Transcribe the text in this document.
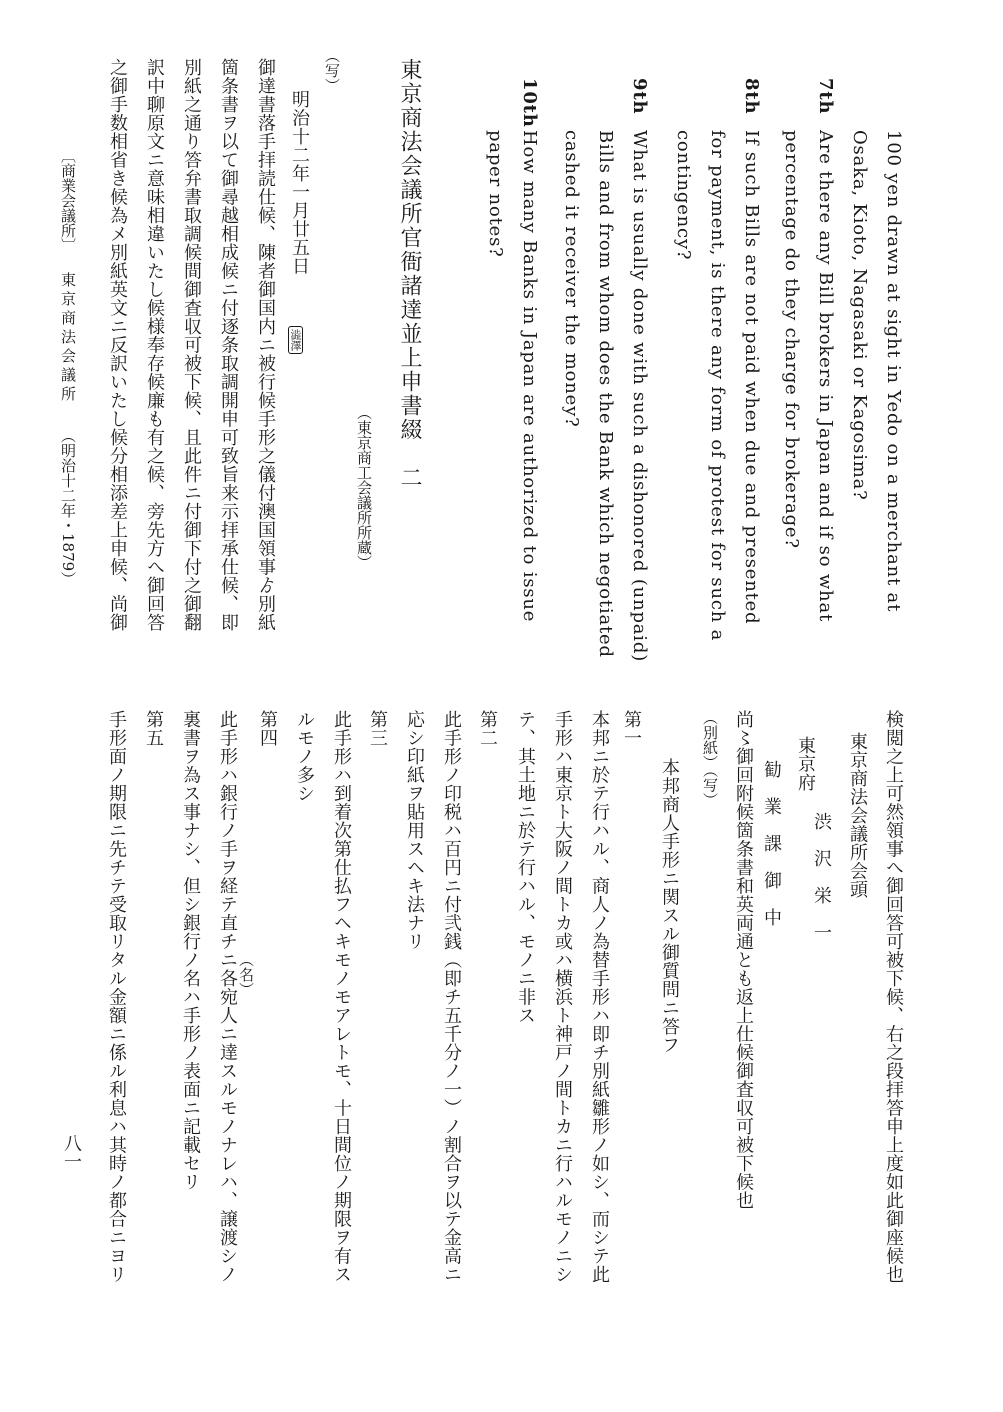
100 yen drawn at sight in Yedo on a merchant at
Osaka, Kioto, Nagasaki or Kagosima?
7th
Are there any Bill brokers in Japan and if so what
percentage do they charge for brokerage?
8th
If such Bills are not paid when due and presented
for payment, is there any form of protest for such a
contingency?
9th
What is usually done with such a dishonored (unpaid)
Bills and from whom does the Bank which negotiated
cashed it receiver the money?
10th
How many Banks in Japan are authorized to issue
paper notes?
東京商法会議所官衙諸達並上申書綴　二
（東京商工会議所所蔵）
（写）
明治十二年一月廿五日
澁澤
御達書落手拝読仕候、陳者御国内ニ被行候手形之儀付澳国領事ゟ別紙
箇条書ヲ以て御尋越相成候ニ付逐条取調開申可致旨来示拝承仕候、即
別紙之通り答弁書取調候間御査収可被下候、且此件ニ付御下付之御翻
訳中聊原文ニ意味相違いたし候様奉存候廉も有之候、旁先方へ御回答
之御手数相省き候為メ別紙英文ニ反訳いたし候分相添差上申候、尚御
〔商業会議所〕
東京商法会議所
（明治十二年・1879）
検閲之上可然領事へ御回答可被下候、右之段拝答申上度如此御座候也
東京商法会議所会頭
渋　沢　栄　一
東京府
勧　業　課　御　中
尚〻御回附候箇条書和英両通とも返上仕候御査収可被下候也
（別紙）（写）
本邦商人手形ニ関スル御質問ニ答フ
第一
本邦ニ於テ行ハル、商人ノ為替手形ハ即チ別紙雛形ノ如シ、而シテ此
手形ハ東京ト大阪ノ間トカ或ハ横浜ト神戸ノ間トカニ行ハルモノニシ
テ、其土地ニ於テ行ハル、モノニ非ス
第二
此手形ノ印税ハ百円ニ付弐銭（即チ五千分ノ一）ノ割合ヲ以テ金高ニ
応シ印紙ヲ貼用スヘキ法ナリ
第三
此手形ハ到着次第仕払フヘキモノモアレトモ、十日間位ノ期限ヲ有ス
ルモノ多シ
第四
此手形ハ銀行ノ手ヲ経テ直チニ各宛人ニ達スルモノナレハ、譲渡シノ （名）
裏書ヲ為ス事ナシ、但シ銀行ノ名ハ手形ノ表面ニ記載セリ
第五
手形面ノ期限ニ先チテ受取リタル金額ニ係ル利息ハ其時ノ都合ニヨリ
八一
